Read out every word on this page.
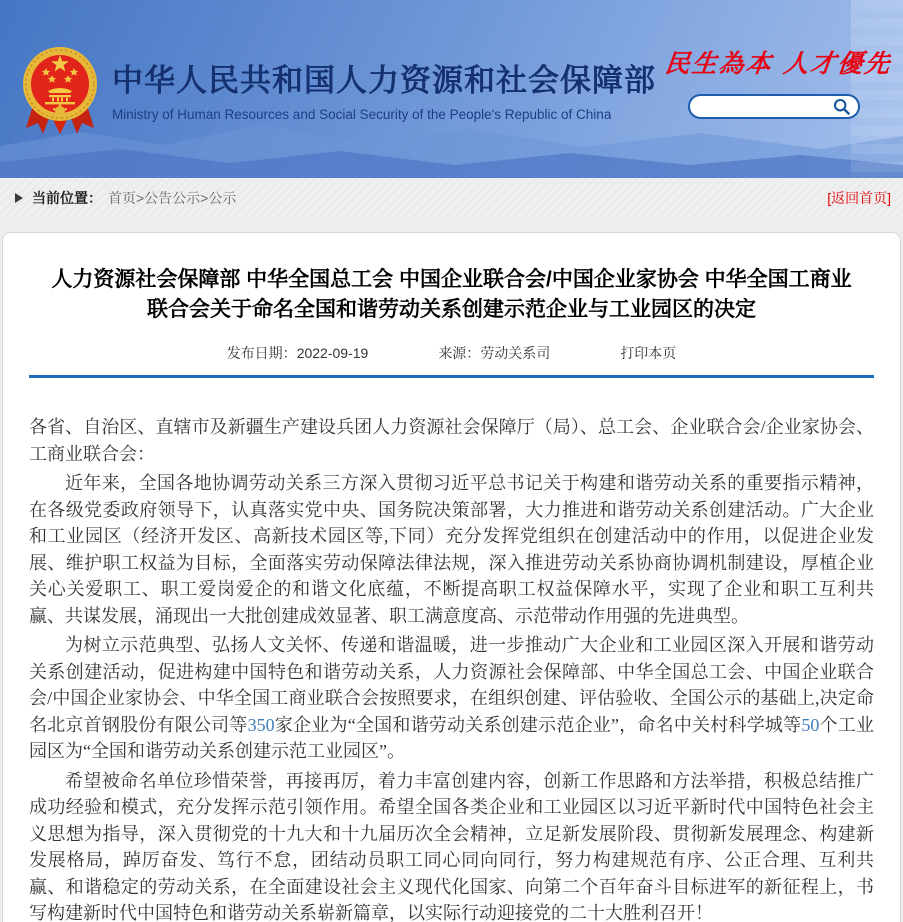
中华人民共和国人力资源和社会保障部
Ministry of Human Resources and Social Security of the People's Republic of China
民生為本 人才優先
当前位置： 首页>公告公示>公示	[返回首页]
人力资源社会保障部 中华全国总工会 中国企业联合会/中国企业家协会 中华全国工商业联合会关于命名全国和谐劳动关系创建示范企业与工业园区的决定
发布日期：2022-09-19	来源：劳动关系司	打印本页

各省、自治区、直辖市及新疆生产建设兵团人力资源社会保障厅（局）、总工会、企业联合会/企业家协会、工商业联合会：

近年来，全国各地协调劳动关系三方深入贯彻习近平总书记关于构建和谐劳动关系的重要指示精神，在各级党委政府领导下，认真落实党中央、国务院决策部署，大力推进和谐劳动关系创建活动。广大企业和工业园区（经济开发区、高新技术园区等,下同）充分发挥党组织在创建活动中的作用，以促进企业发展、维护职工权益为目标，全面落实劳动保障法律法规，深入推进劳动关系协商协调机制建设，厚植企业关心关爱职工、职工爱岗爱企的和谐文化底蕴，不断提高职工权益保障水平，实现了企业和职工互利共赢、共谋发展，涌现出一大批创建成效显著、职工满意度高、示范带动作用强的先进典型。

为树立示范典型、弘扬人文关怀、传递和谐温暖，进一步推动广大企业和工业园区深入开展和谐劳动关系创建活动，促进构建中国特色和谐劳动关系，人力资源社会保障部、中华全国总工会、中国企业联合会/中国企业家协会、中华全国工商业联合会按照要求，在组织创建、评估验收、全国公示的基础上,决定命名北京首钢股份有限公司等350家企业为“全国和谐劳动关系创建示范企业”，命名中关村科学城等50个工业园区为“全国和谐劳动关系创建示范工业园区”。

希望被命名单位珍惜荣誉，再接再厉，着力丰富创建内容，创新工作思路和方法举措，积极总结推广成功经验和模式，充分发挥示范引领作用。希望全国各类企业和工业园区以习近平新时代中国特色社会主义思想为指导，深入贯彻党的十九大和十九届历次全会精神，立足新发展阶段、贯彻新发展理念、构建新发展格局，踔厉奋发、笃行不怠，团结动员职工同心同向同行，努力构建规范有序、公正合理、互利共赢、和谐稳定的劳动关系，在全面建设社会主义现代化国家、向第二个百年奋斗目标进军的新征程上，书写构建新时代中国特色和谐劳动关系崭新篇章，以实际行动迎接党的二十大胜利召开！
